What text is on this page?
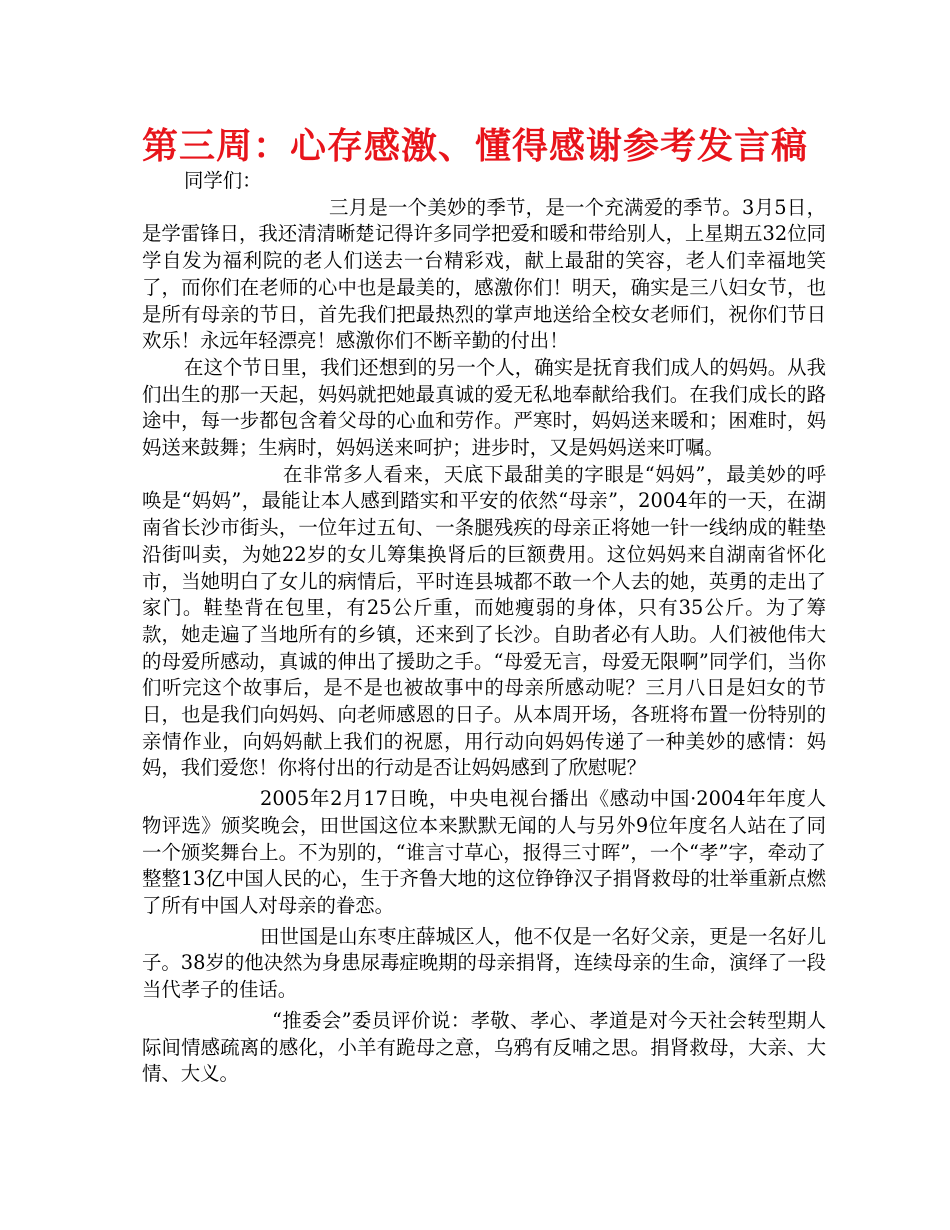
第三周：心存感激、懂得感谢参考发言稿

同学们：

三月是一个美妙的季节，是一个充满爱的季节。3月5日，是学雷锋日，我还清清晰楚记得许多同学把爱和暖和带给别人，上星期五32位同学自发为福利院的老人们送去一台精彩戏，献上最甜的笑容，老人们幸福地笑了，而你们在老师的心中也是最美的，感激你们！明天，确实是三八妇女节，也是所有母亲的节日，首先我们把最热烈的掌声地送给全校女老师们，祝你们节日欢乐！永远年轻漂亮！感激你们不断辛勤的付出！

在这个节日里，我们还想到的另一个人，确实是抚育我们成人的妈妈。从我们出生的那一天起，妈妈就把她最真诚的爱无私地奉献给我们。在我们成长的路途中，每一步都包含着父母的心血和劳作。严寒时，妈妈送来暖和；困难时，妈妈送来鼓舞；生病时，妈妈送来呵护；进步时，又是妈妈送来叮嘱。

在非常多人看来，天底下最甜美的字眼是“妈妈”，最美妙的呼唤是“妈妈”，最能让本人感到踏实和平安的依然“母亲”，2004年的一天，在湖南省长沙市街头，一位年过五旬、一条腿残疾的母亲正将她一针一线纳成的鞋垫沿街叫卖，为她22岁的女儿筹集换肾后的巨额费用。这位妈妈来自湖南省怀化市，当她明白了女儿的病情后，平时连县城都不敢一个人去的她，英勇的走出了家门。鞋垫背在包里，有25公斤重，而她瘦弱的身体，只有35公斤。为了筹款，她走遍了当地所有的乡镇，还来到了长沙。自助者必有人助。人们被他伟大的母爱所感动，真诚的伸出了援助之手。“母爱无言，母爱无限啊”同学们，当你们听完这个故事后，是不是也被故事中的母亲所感动呢？三月八日是妇女的节日，也是我们向妈妈、向老师感恩的日子。从本周开场，各班将布置一份特别的亲情作业，向妈妈献上我们的祝愿，用行动向妈妈传递了一种美妙的感情：妈妈，我们爱您！你将付出的行动是否让妈妈感到了欣慰呢？

2005年2月17日晚，中央电视台播出《感动中国·2004年年度人物评选》颁奖晚会，田世国这位本来默默无闻的人与另外9位年度名人站在了同一个颁奖舞台上。不为别的，“谁言寸草心，报得三寸晖”，一个“孝”字，牵动了整整13亿中国人民的心，生于齐鲁大地的这位铮铮汉子捐肾救母的壮举重新点燃了所有中国人对母亲的眷恋。

田世国是山东枣庄薛城区人，他不仅是一名好父亲，更是一名好儿子。38岁的他决然为身患尿毒症晚期的母亲捐肾，连续母亲的生命，演绎了一段当代孝子的佳话。

“推委会”委员评价说：孝敬、孝心、孝道是对今天社会转型期人际间情感疏离的感化，小羊有跪母之意，乌鸦有反哺之思。捐肾救母，大亲、大情、大义。
